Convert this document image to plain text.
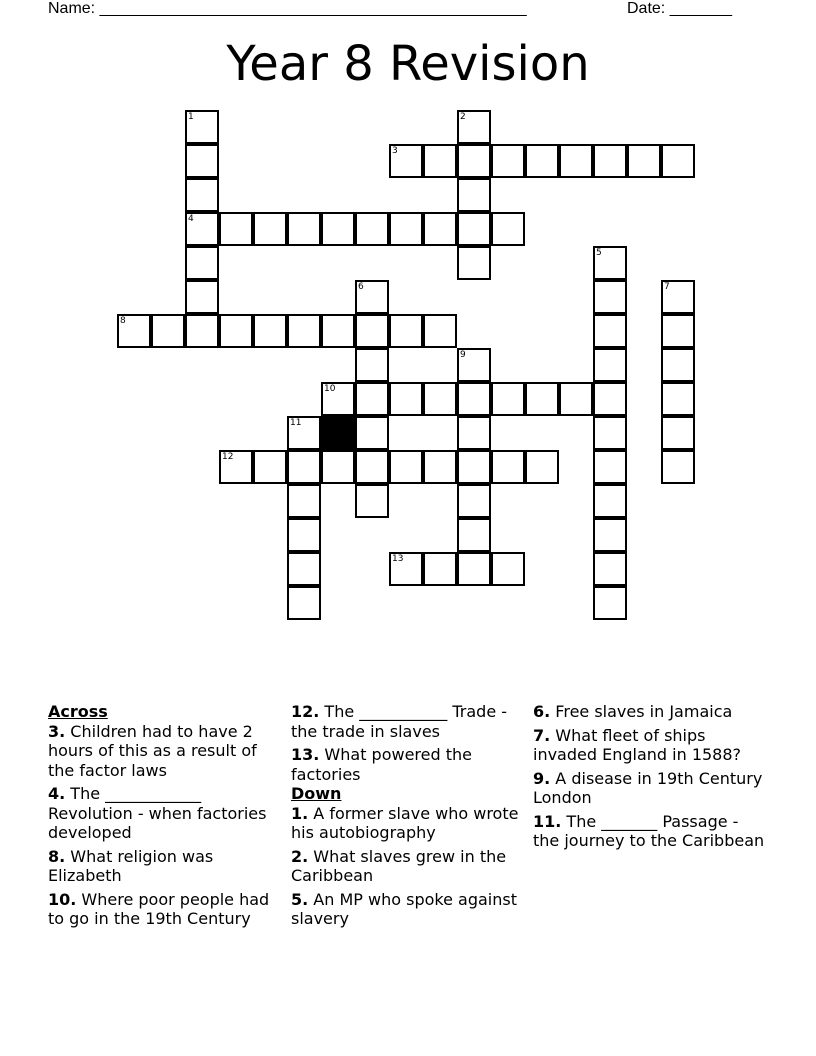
Name: ________________________________________________	Date: _______
Year 8 Revision
1	2
3
4
5
6	7
8
9
10
11
12
13
Across
3. Children had to have 2 hours of this as a result of the factor laws
4. The ____________ Revolution - when factories developed
8. What religion was Elizabeth
10. Where poor people had to go in the 19th Century
12. The ___________ Trade - the trade in slaves
13. What powered the factories
Down
1. A former slave who wrote his autobiography
2. What slaves grew in the Caribbean
5. An MP who spoke against slavery
6. Free slaves in Jamaica
7. What fleet of ships invaded England in 1588?
9. A disease in 19th Century London
11. The _______ Passage - the journey to the Caribbean
